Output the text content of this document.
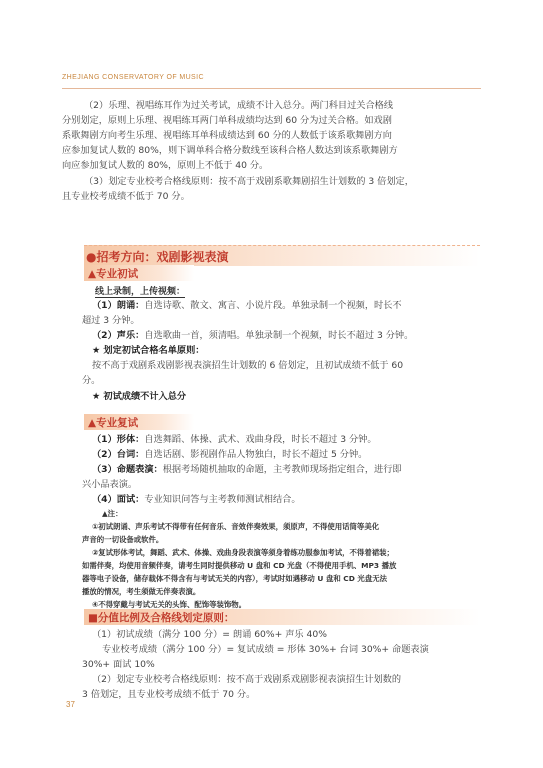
ZHEJIANG CONSERVATORY OF MUSIC
（2）乐理、视唱练耳作为过关考试，成绩不计入总分。两门科目过关合格线
分别划定，原则上乐理、视唱练耳两门单科成绩均达到 60 分为过关合格。如戏剧
系歌舞剧方向考生乐理、视唱练耳单科成绩达到 60 分的人数低于该系歌舞剧方向
应参加复试人数的 80%，则下调单科合格分数线至该科合格人数达到该系歌舞剧方
向应参加复试人数的 80%，原则上不低于 40 分。
（3）划定专业校考合格线原则：按不高于戏剧系歌舞剧招生计划数的 3 倍划定，
且专业校考成绩不低于 70 分。
●招考方向：戏剧影视表演
▲专业初试
线上录制，上传视频：
（1）朗诵：自选诗歌、散文、寓言、小说片段。单独录制一个视频，时长不
超过 3 分钟。
（2）声乐：自选歌曲一首，须清唱。单独录制一个视频，时长不超过 3 分钟。
★ 划定初试合格名单原则：
按不高于戏剧系戏剧影视表演招生计划数的 6 倍划定，且初试成绩不低于 60
分。
★ 初试成绩不计入总分
▲专业复试
（1）形体：自选舞蹈、体操、武术、戏曲身段，时长不超过 3 分钟。
（2）台词：自选话剧、影视剧作品人物独白，时长不超过 5 分钟。
（3）命题表演：根据考场随机抽取的命题，主考教师现场指定组合，进行即
兴小品表演。
（4）面试：专业知识问答与主考教师测试相结合。
▲注：
①初试朗诵、声乐考试不得带有任何音乐、音效伴奏效果，须原声，不得使用话筒等美化
声音的一切设备或软件。
②复试形体考试，舞蹈、武术、体操、戏曲身段表演等须身着练功服参加考试，不得着裙装；
如需伴奏，均使用音频伴奏，请考生同时提供移动 U 盘和 CD 光盘（不得使用手机、MP3 播放
器等电子设备，储存载体不得含有与考试无关的内容），考试时如遇移动 U 盘和 CD 光盘无法
播放的情况，考生须做无伴奏表演。
④不得穿戴与考试无关的头饰、配饰等装饰物。
■分值比例及合格线划定原则：
（1）初试成绩（满分 100 分）= 朗诵 60%+ 声乐 40%
专业校考成绩（满分 100 分）= 复试成绩 = 形体 30%+ 台词 30%+ 命题表演
30%+ 面试 10%
（2）划定专业校考合格线原则：按不高于戏剧系戏剧影视表演招生计划数的
3 倍划定，且专业校考成绩不低于 70 分。
37
